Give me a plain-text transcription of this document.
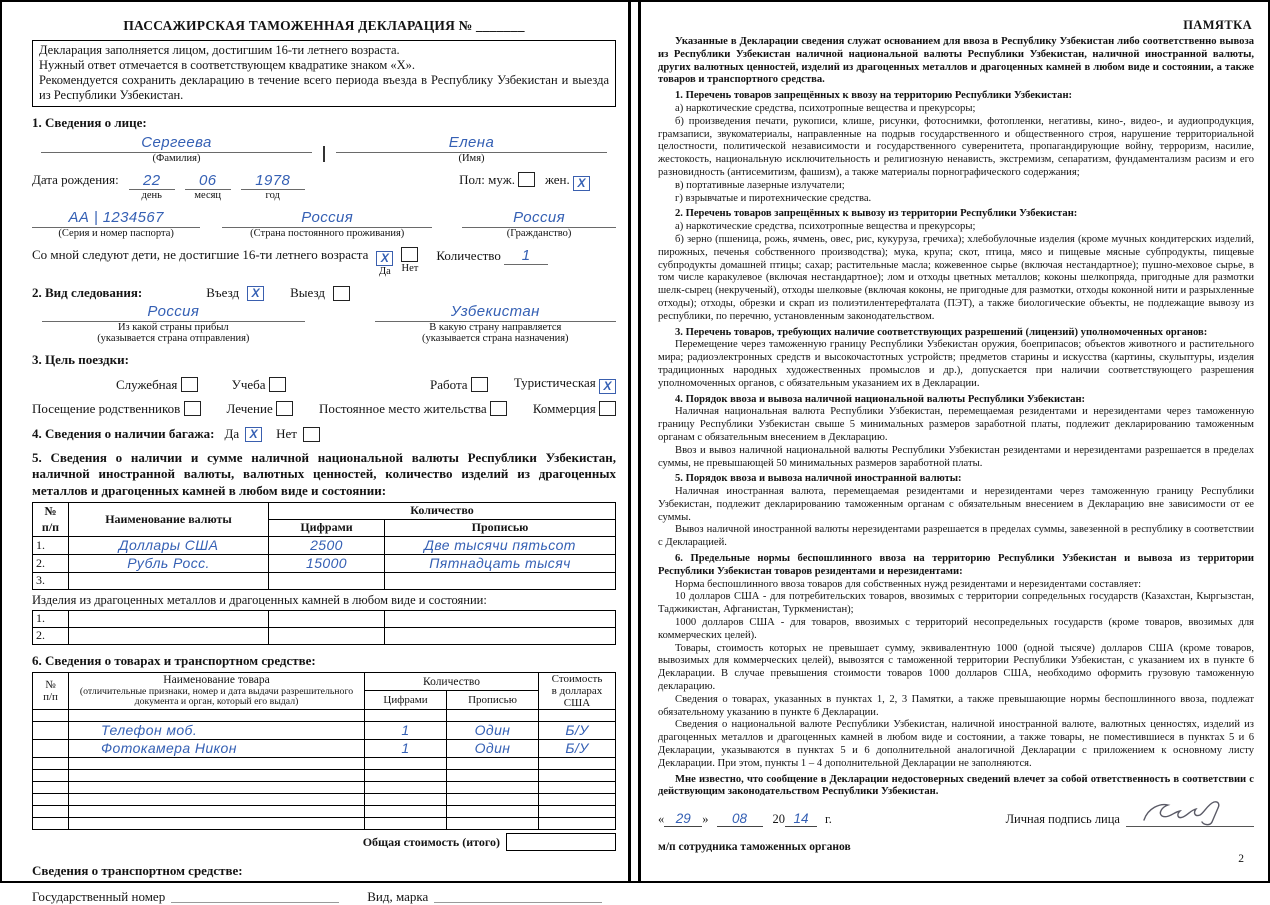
ПАССАЖИРСКАЯ ТАМОЖЕННАЯ ДЕКЛАРАЦИЯ № _______
Декларация заполняется лицом, достигшим 16-ти летнего возраста.
Нужный ответ отмечается в соответствующем квадратике знаком «Х».
Рекомендуется сохранить декларацию в течение всего периода въезда в Республику Узбекистан и выезда из Республики Узбекистан.
1. Сведения о лице:
Сергеева
(Фамилия)
Елена
(Имя)
Дата рождения:	22
день
06
месяц
1978
год
Пол: муж. жен. X
АА | 1234567
(Серия и номер паспорта)
Россия
(Страна постоянного проживания)
Россия
(Гражданство)
Со мной следуют дети, не достигшие 16-ти летнего возраста	X
Да Нет
Количество 1
2. Вид следования:	Въезд	X	Выезд
Россия
Из какой страны прибыл
(указывается страна отправления)
Узбекистан
В какую страну направляется
(указывается страна назначения)
3. Цель поездки:
Служебная	Учеба	Работа	Туристическая X
Посещение родственников	Лечение	Постоянное место жительства	Коммерция
4. Сведения о наличии багажа: Да X	Нет
5. Сведения о наличии и сумме наличной национальной валюты Республики Узбекистан, наличной иностранной валюты, валютных ценностей, количество изделий из драгоценных металлов и драгоценных камней в любом виде и состоянии:
№	Наименование валюты	Количество	
п/п		Цифрами	Прописью
1.	Доллары США	2500	Две тысячи пятьсот
2.	Рубль Росс.	15000	Пятнадцать тысяч
3.			
Изделия из драгоценных металлов и драгоценных камней в любом виде и состоянии:
1.			
2.			
6. Сведения о товарах и транспортном средстве:
№
п/п	Наименование товара
(отличительные признаки, номер и дата выдачи разрешительного документа и орган, который его выдал)	Количество		Стоимость
в долларах США
		Цифрами	Прописью	

	Телефон моб.	1	Один	Б/У
	Фотокамера Никон	1	Один	Б/У

Общая стоимость (итого)
Сведения о транспортном средстве:
Государственный номер	Вид, марка
ПАМЯТКА

Указанные в Декларации сведения служат основанием для ввоза в Республику Узбекистан либо соответственно вывоза из Республики Узбекистан наличной национальной валюты Республики Узбекистан, наличной иностранной валюты, других валютных ценностей, изделий из драгоценных металлов и драгоценных камней в любом виде и состоянии, а также товаров и транспортного средства.

1. Перечень товаров запрещённых к ввозу на территорию Республики Узбекистан:

а) наркотические средства, психотропные вещества и прекурсоры;

б) произведения печати, рукописи, клише, рисунки, фотоснимки, фотопленки, негативы, кино-, видео-, и аудиопродукция, грамзаписи, звукоматериалы, направленные на подрыв государственного и общественного строя, нарушение территориальной целостности, политической независимости и государственного суверенитета, пропагандирующие войну, терроризм, насилие, жестокость, национальную исключительность и религиозную ненависть, экстремизм, сепаратизм, фундаментализм расизм и его разновидность (антисемитизм, фашизм), а также материалы порнографического содержания;

в) портативные лазерные излучатели;

г) взрывчатые и пиротехнические средства.

2. Перечень товаров запрещённых к вывозу из территории Республики Узбекистан:

а) наркотические средства, психотропные вещества и прекурсоры;

б) зерно (пшеница, рожь, ячмень, овес, рис, кукуруза, гречиха); хлебобулочные изделия (кроме мучных кондитерских изделий, пирожных, печенья собственного производства); мука, крупа; скот, птица, мясо и пищевые мясные субпродукты, пищевые субпродукты домашней птицы; сахар; растительные масла; кожевенное сырье (включая нестандартное); пушно-меховое сырье, в том числе каракулевое (включая нестандартное); лом и отходы цветных металлов; коконы шелкопряда, пригодные для размотки шелк-сырец (некрученый), отходы шелковые (включая коконы, не пригодные для размотки, отходы коконной нити и разрыхленные отходы); отходы, обрезки и скрап из полиэтилентерефталата (ПЭТ), а также биологические объекты, не подлежащие вывозу из республики, по перечню, установленным законодательством.

3. Перечень товаров, требующих наличие соответствующих разрешений (лицензий) уполномоченных органов:

Перемещение через таможенную границу Республики Узбекистан оружия, боеприпасов; объектов животного и растительного мира; радиоэлектронных средств и высокочастотных устройств; предметов старины и искусства (картины, скульптуры, изделия традиционных народных художественных промыслов и др.), допускается при наличии соответствующего разрешения уполномоченных органов, с обязательным указанием их в Декларации.

4. Порядок ввоза и вывоза наличной национальной валюты Республики Узбекистан:

Наличная национальная валюта Республики Узбекистан, перемещаемая резидентами и нерезидентами через таможенную границу Республики Узбекистан свыше 5 минимальных размеров заработной платы, подлежит декларированию таможенным органам с обязательным внесением в Декларацию.

Ввоз и вывоз наличной национальной валюты Республики Узбекистан резидентами и нерезидентами разрешается в пределах суммы, не превышающей 50 минимальных размеров заработной платы.

5. Порядок ввоза и вывоза наличной иностранной валюты:

Наличная иностранная валюта, перемещаемая резидентами и нерезидентами через таможенную границу Республики Узбекистан, подлежит декларированию таможенным органам с обязательным внесением в Декларацию вне зависимости от ее суммы.

Вывоз наличной иностранной валюты нерезидентами разрешается в пределах суммы, завезенной в республику в соответствии с Декларацией.

6. Предельные нормы беспошлинного ввоза на территорию Республики Узбекистан и вывоза из территории Республики Узбекистан товаров резидентами и нерезидентами:

Норма беспошлинного ввоза товаров для собственных нужд резидентами и нерезидентами составляет:

10 долларов США - для потребительских товаров, ввозимых с территории сопредельных государств (Казахстан, Кыргызстан, Таджикистан, Афганистан, Туркменистан);

1000 долларов США - для товаров, ввозимых с территорий несопредельных государств (кроме товаров, ввозимых для коммерческих целей).

Товары, стоимость которых не превышает сумму, эквивалентную 1000 (одной тысяче) долларов США (кроме товаров, вывозимых для коммерческих целей), вывозятся с таможенной территории Республики Узбекистан, с указанием их в пункте 6 Декларации. В случае превышения стоимости товаров 1000 долларов США, необходимо оформить грузовую таможенную декларацию.

Сведения о товарах, указанных в пунктах 1, 2, 3 Памятки, а также превышающие нормы беспошлинного ввоза, подлежат обязательному указанию в пункте 6 Декларации.

Сведения о национальной валюте Республики Узбекистан, наличной иностранной валюте, валютных ценностях, изделий из драгоценных металлов и драгоценных камней в любом виде и состоянии, а также товары, не поместившиеся в пунктах 5 и 6 Декларации, указываются в пунктах 5 и 6 дополнительной аналогичной Декларации с приложением к основному листу Декларации. При этом, пункты 1 – 4 дополнительной Декларации не заполняются.

Мне известно, что сообщение в Декларации недостоверных сведений влечет за собой ответственность в соответствии с действующим законодательством Республики Узбекистан.

« 29 »	08	20 14	г.	Личная подпись лица
м/п сотрудника таможенных органов
2
